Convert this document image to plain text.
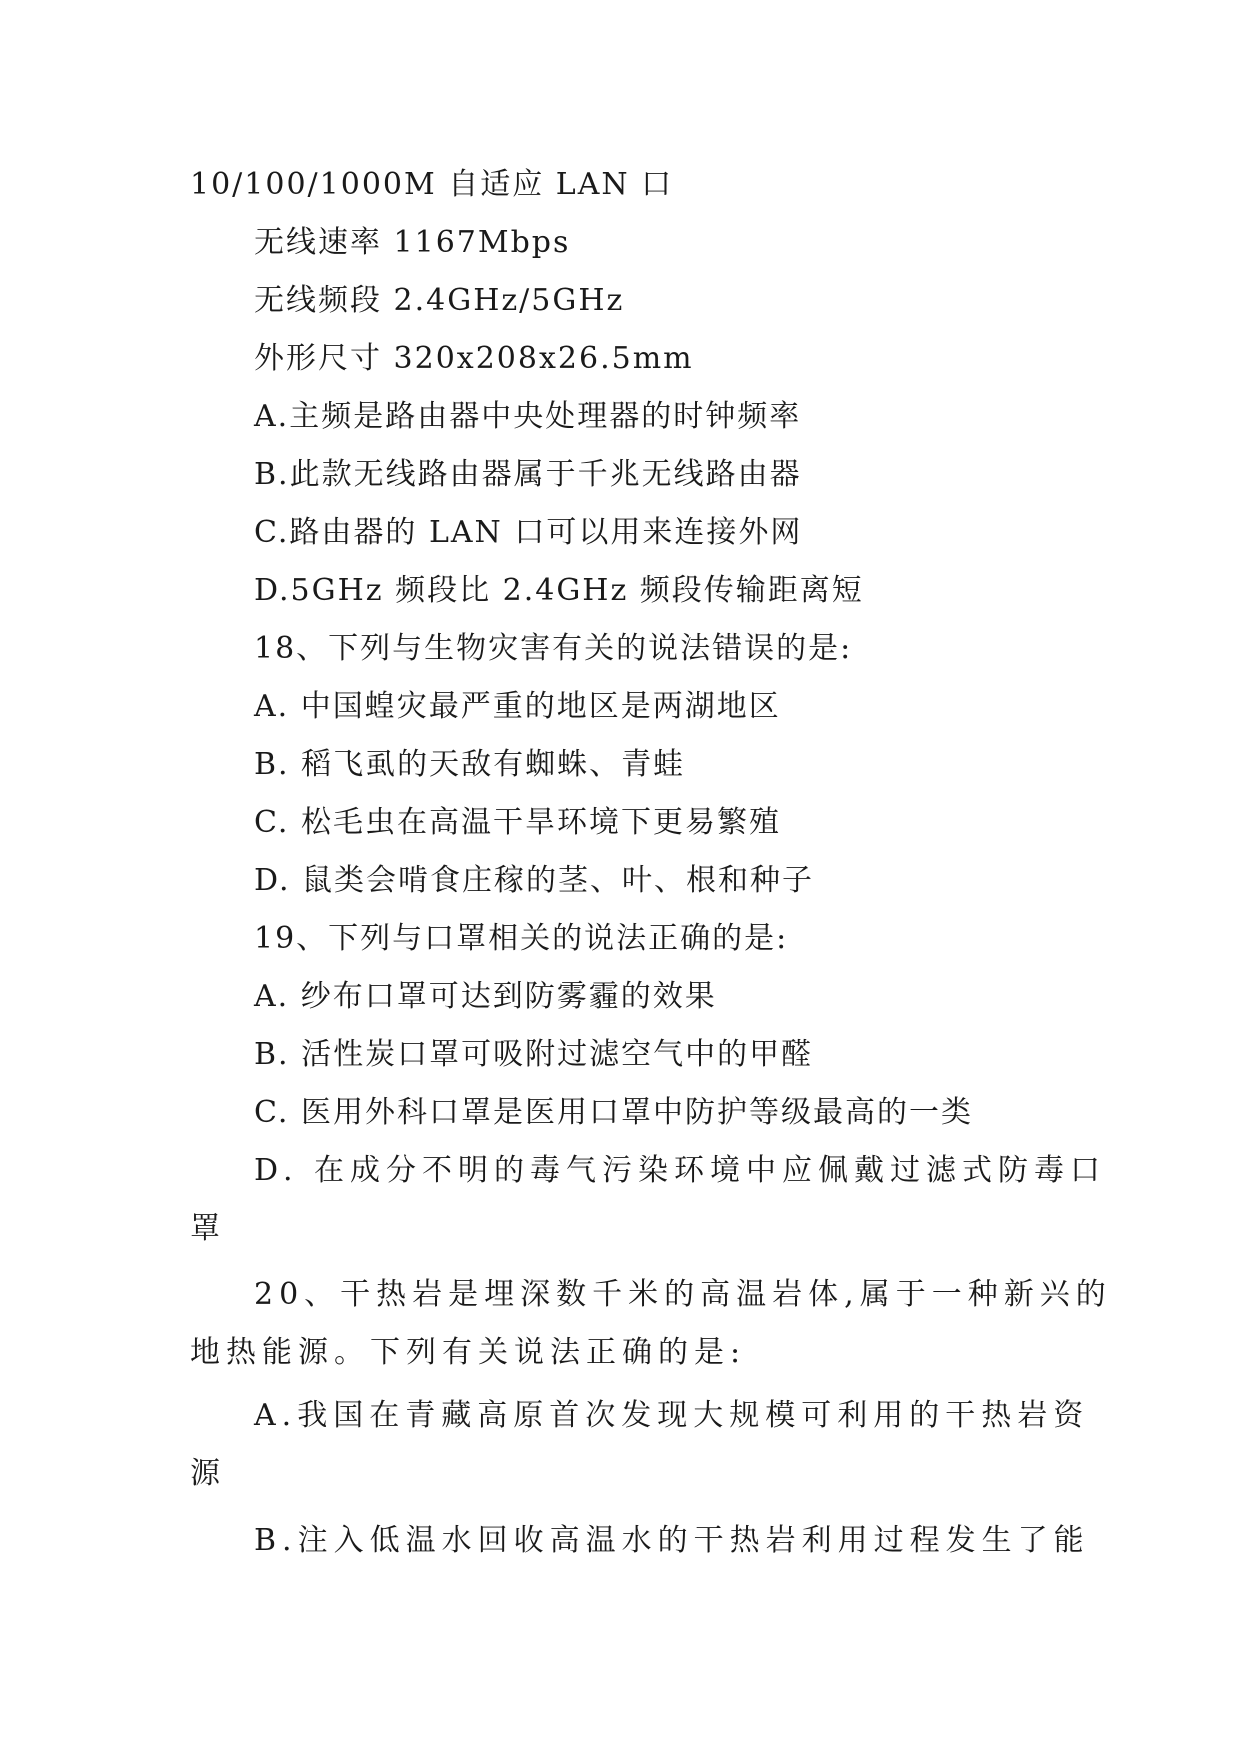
10/100/1000M 自适应 LAN 口
无线速率 1167Mbps
无线频段 2.4GHz/5GHz
外形尺寸 320x208x26.5mm
A.主频是路由器中央处理器的时钟频率
B.此款无线路由器属于千兆无线路由器
C.路由器的 LAN 口可以用来连接外网
D.5GHz 频段比 2.4GHz 频段传输距离短
18、下列与生物灾害有关的说法错误的是:
A. 中国蝗灾最严重的地区是两湖地区
B. 稻飞虱的天敌有蜘蛛、青蛙
C. 松毛虫在高温干旱环境下更易繁殖
D. 鼠类会啃食庄稼的茎、叶、根和种子
19、下列与口罩相关的说法正确的是:
A. 纱布口罩可达到防雾霾的效果
B. 活性炭口罩可吸附过滤空气中的甲醛
C. 医用外科口罩是医用口罩中防护等级最高的一类
D. 在成分不明的毒气污染环境中应佩戴过滤式防毒口
罩
20、干热岩是埋深数千米的高温岩体,属于一种新兴的
地热能源。下列有关说法正确的是:
A.我国在青藏高原首次发现大规模可利用的干热岩资
源
B.注入低温水回收高温水的干热岩利用过程发生了能
